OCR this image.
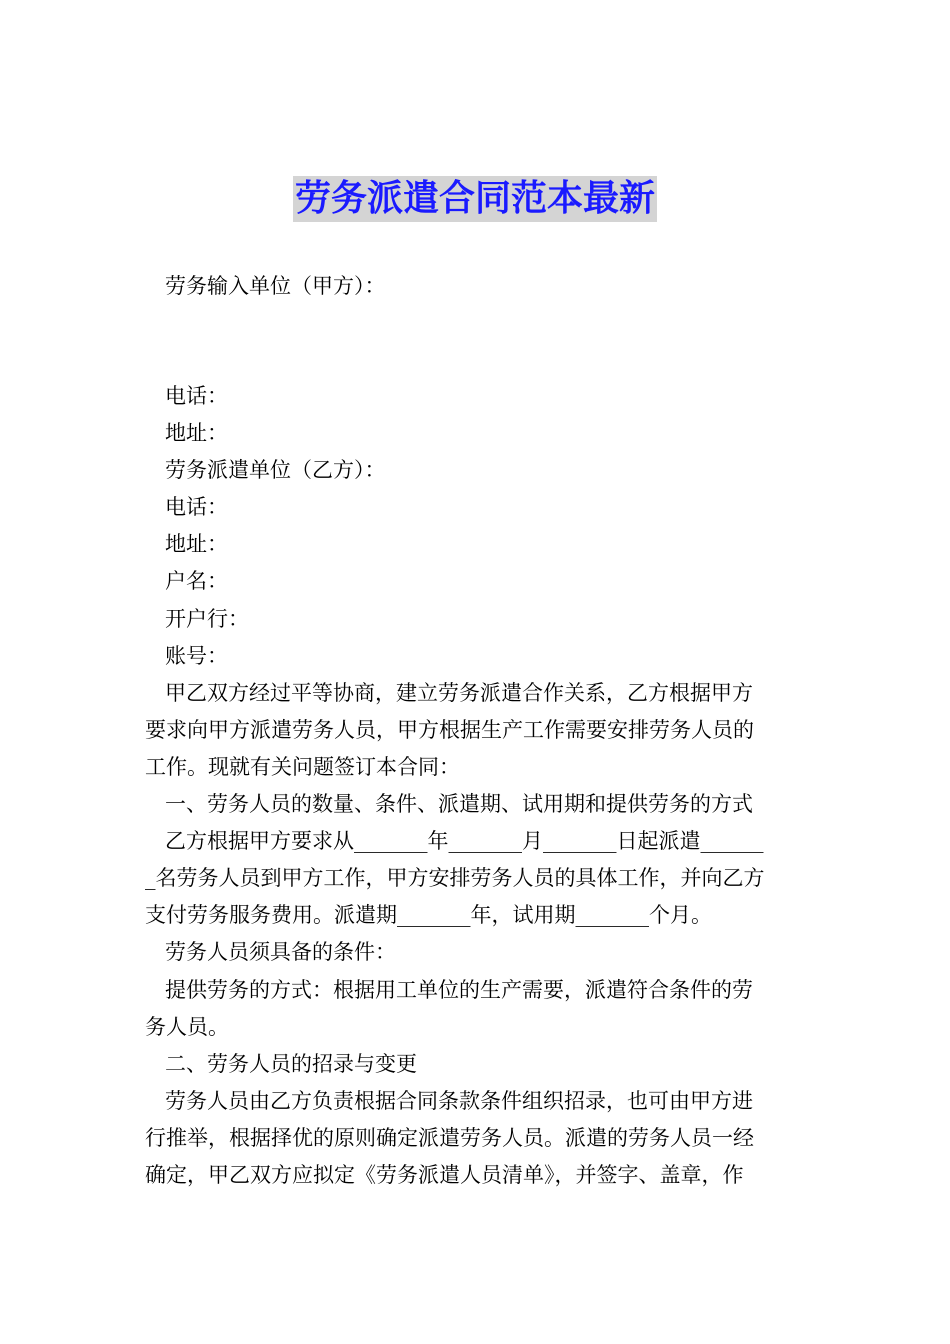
劳务派遣合同范本最新
劳务输入单位（甲方）：
电话：
地址：
劳务派遣单位（乙方）：
电话：
地址：
户名：
开户行：
账号：
甲乙双方经过平等协商，建立劳务派遣合作关系，乙方根据甲方
要求向甲方派遣劳务人员，甲方根据生产工作需要安排劳务人员的
工作。现就有关问题签订本合同：
一、劳务人员的数量、条件、派遣期、试用期和提供劳务的方式
乙方根据甲方要求从_______年_______月_______日起派遣______
_名劳务人员到甲方工作，甲方安排劳务人员的具体工作，并向乙方
支付劳务服务费用。派遣期_______年，试用期_______个月。
劳务人员须具备的条件：
提供劳务的方式：根据用工单位的生产需要，派遣符合条件的劳
务人员。
二、劳务人员的招录与变更
劳务人员由乙方负责根据合同条款条件组织招录，也可由甲方进
行推举，根据择优的原则确定派遣劳务人员。派遣的劳务人员一经
确定，甲乙双方应拟定《劳务派遣人员清单》，并签字、盖章，作
